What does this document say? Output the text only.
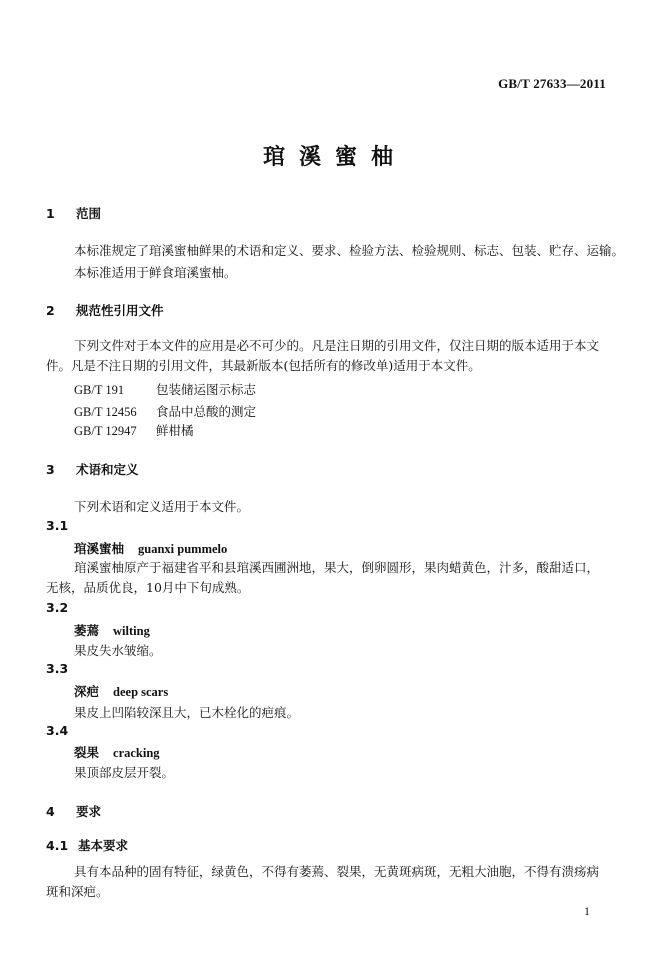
GB/T 27633—2011
琯溪蜜柚
1 范围
本标准规定了琯溪蜜柚鲜果的术语和定义、要求、检验方法、检验规则、标志、包装、贮存、运输。
本标准适用于鲜食琯溪蜜柚。
2 规范性引用文件
下列文件对于本文件的应用是必不可少的。凡是注日期的引用文件，仅注日期的版本适用于本文件。凡是不注日期的引用文件，其最新版本(包括所有的修改单)适用于本文件。
GB/T 191	包装储运图示标志
GB/T 12456 食品中总酸的测定
GB/T 12947 鲜柑橘
3 术语和定义
下列术语和定义适用于本文件。
3.1
琯溪蜜柚 guanxi pummelo
琯溪蜜柚原产于福建省平和县琯溪西圃洲地，果大，倒卵圆形，果肉蜡黄色，汁多，酸甜适口，无核，品质优良，10月中下旬成熟。
3.2
萎蔫 wilting
果皮失水皱缩。
3.3
深疤 deep scars
果皮上凹陷较深且大，已木栓化的疤痕。
3.4
裂果 cracking
果顶部皮层开裂。
4 要求
4.1 基本要求
具有本品种的固有特征，绿黄色，不得有萎蔫、裂果，无黄斑病斑，无粗大油胞，不得有溃疡病斑和深疤。
1
